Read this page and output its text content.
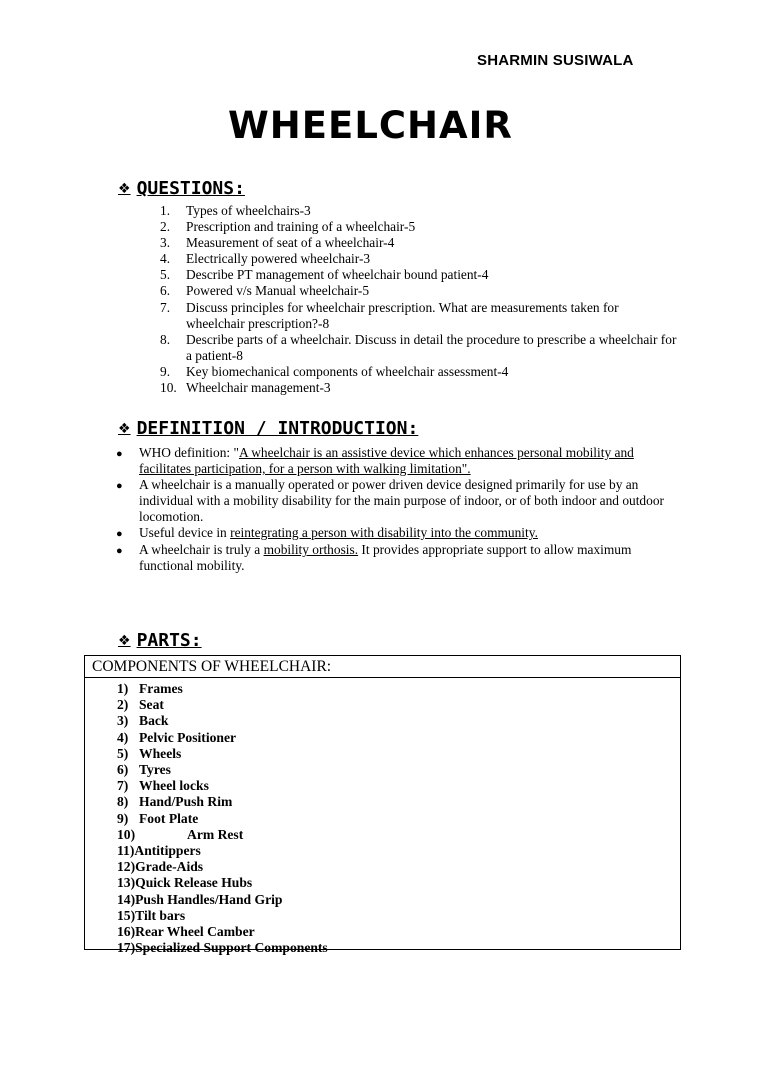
SHARMIN SUSIWALA
WHEELCHAIR
❖ QUESTIONS:
1.	Types of wheelchairs-3
2.	Prescription and training of a wheelchair-5
3.	Measurement of seat of a wheelchair-4
4.	Electrically powered wheelchair-3
5.	Describe PT management of wheelchair bound patient-4
6.	Powered v/s Manual wheelchair-5
7.	Discuss principles for wheelchair prescription. What are measurements taken for wheelchair prescription?-8
8.	Describe parts of a wheelchair. Discuss in detail the procedure to prescribe a wheelchair for a patient-8
9.	Key biomechanical components of wheelchair assessment-4
10. Wheelchair management-3
❖ DEFINITION / INTRODUCTION:
●	WHO definition: "A wheelchair is an assistive device which enhances personal mobility and facilitates participation, for a person with walking limitation".
●	A wheelchair is a manually operated or power driven device designed primarily for use by an individual with a mobility disability for the main purpose of indoor, or of both indoor and outdoor locomotion.
●	Useful device in reintegrating a person with disability into the community.
●	A wheelchair is truly a mobility orthosis. It provides appropriate support to allow maximum functional mobility.
❖ PARTS:
COMPONENTS OF WHEELCHAIR:
1) Frames
2) Seat
3) Back
4) Pelvic Positioner
5) Wheels
6) Tyres
7) Wheel locks
8) Hand/Push Rim
9) Foot Plate
10)	Arm Rest
11) Antitippers
12) Grade-Aids
13) Quick Release Hubs
14) Push Handles/Hand Grip
15) Tilt bars
16) Rear Wheel Camber
17) Specialized Support Components
